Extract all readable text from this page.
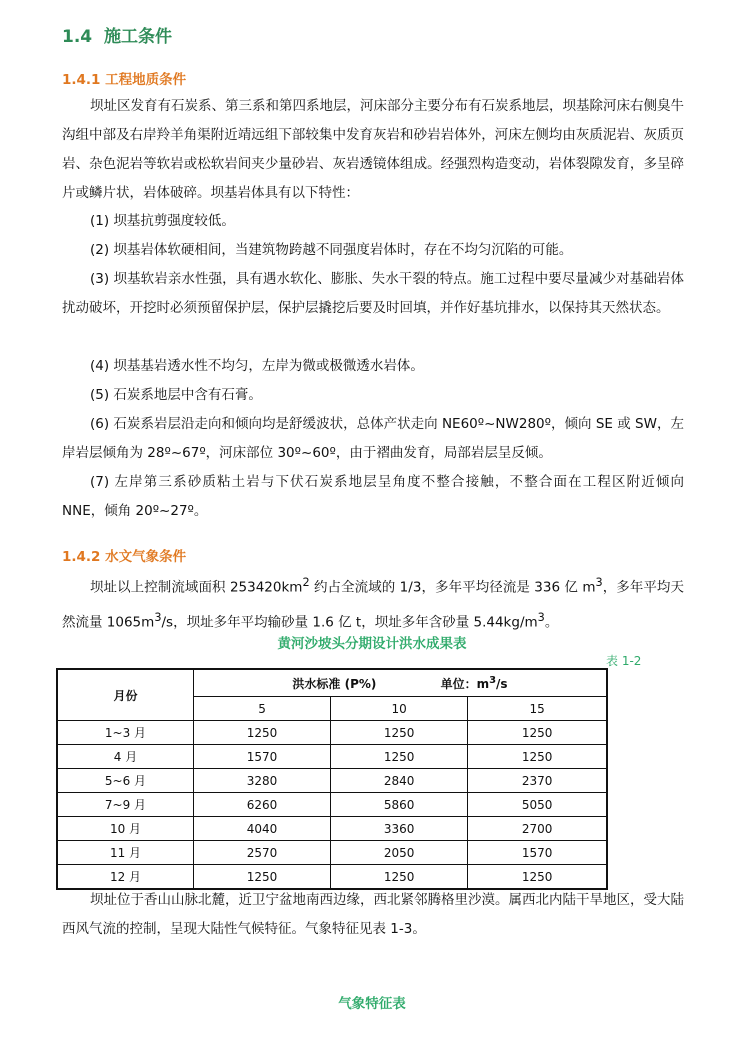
1.4 施工条件
1.4.1 工程地质条件

坝址区发育有石炭系、第三系和第四系地层，河床部分主要分布有石炭系地层，坝基除河床右侧臭牛沟组中部及右岸羚羊角渠附近靖远组下部较集中发育灰岩和砂岩岩体外，河床左侧均由灰质泥岩、灰质页岩、杂色泥岩等软岩或松软岩间夹少量砂岩、灰岩透镜体组成。经强烈构造变动，岩体裂隙发育，多呈碎片或鳞片状，岩体破碎。坝基岩体具有以下特性：

(1) 坝基抗剪强度较低。

(2) 坝基岩体软硬相间，当建筑物跨越不同强度岩体时，存在不均匀沉陷的可能。

(3) 坝基软岩亲水性强，具有遇水软化、膨胀、失水干裂的特点。施工过程中要尽量减少对基础岩体扰动破坏，开挖时必须预留保护层，保护层撬挖后要及时回填，并作好基坑排水，以保持其天然状态。

(4) 坝基基岩透水性不均匀，左岸为微或极微透水岩体。

(5) 石炭系地层中含有石膏。

(6) 石炭系岩层沿走向和倾向均是舒缓波状，总体产状走向 NE60º~NW280º，倾向 SE 或 SW，左岸岩层倾角为 28º~67º，河床部位 30º~60º，由于褶曲发育，局部岩层呈反倾。

(7) 左岸第三系砂质粘土岩与下伏石炭系地层呈角度不整合接触，不整合面在工程区附近倾向 NNE，倾角 20º~27º。

1.4.2 水文气象条件

坝址以上控制流域面积 $253420km^2$ 约占全流域的 1/3，多年平均径流是 336 亿 $m^3$，多年平均天然流量 $1065m^3/s$，坝址多年平均输砂量 1.6 亿 t，坝址多年含砂量 $5.44kg/m^3$。

黄河沙坡头分期设计洪水成果表
表 1-2
月份	洪水标准 (P%) 单位：$m^3/s$		
	5	10	15
1~3 月	1250	1250	1250
4 月	1570	1250	1250
5~6 月	3280	2840	2370
7~9 月	6260	5860	5050
10 月	4040	3360	2700
11 月	2570	2050	1570
12 月	1250	1250	1250

坝址位于香山山脉北麓，近卫宁盆地南西边缘，西北紧邻腾格里沙漠。属西北内陆干旱地区，受大陆西风气流的控制，呈现大陆性气候特征。气象特征见表 1-3。

气象特征表
